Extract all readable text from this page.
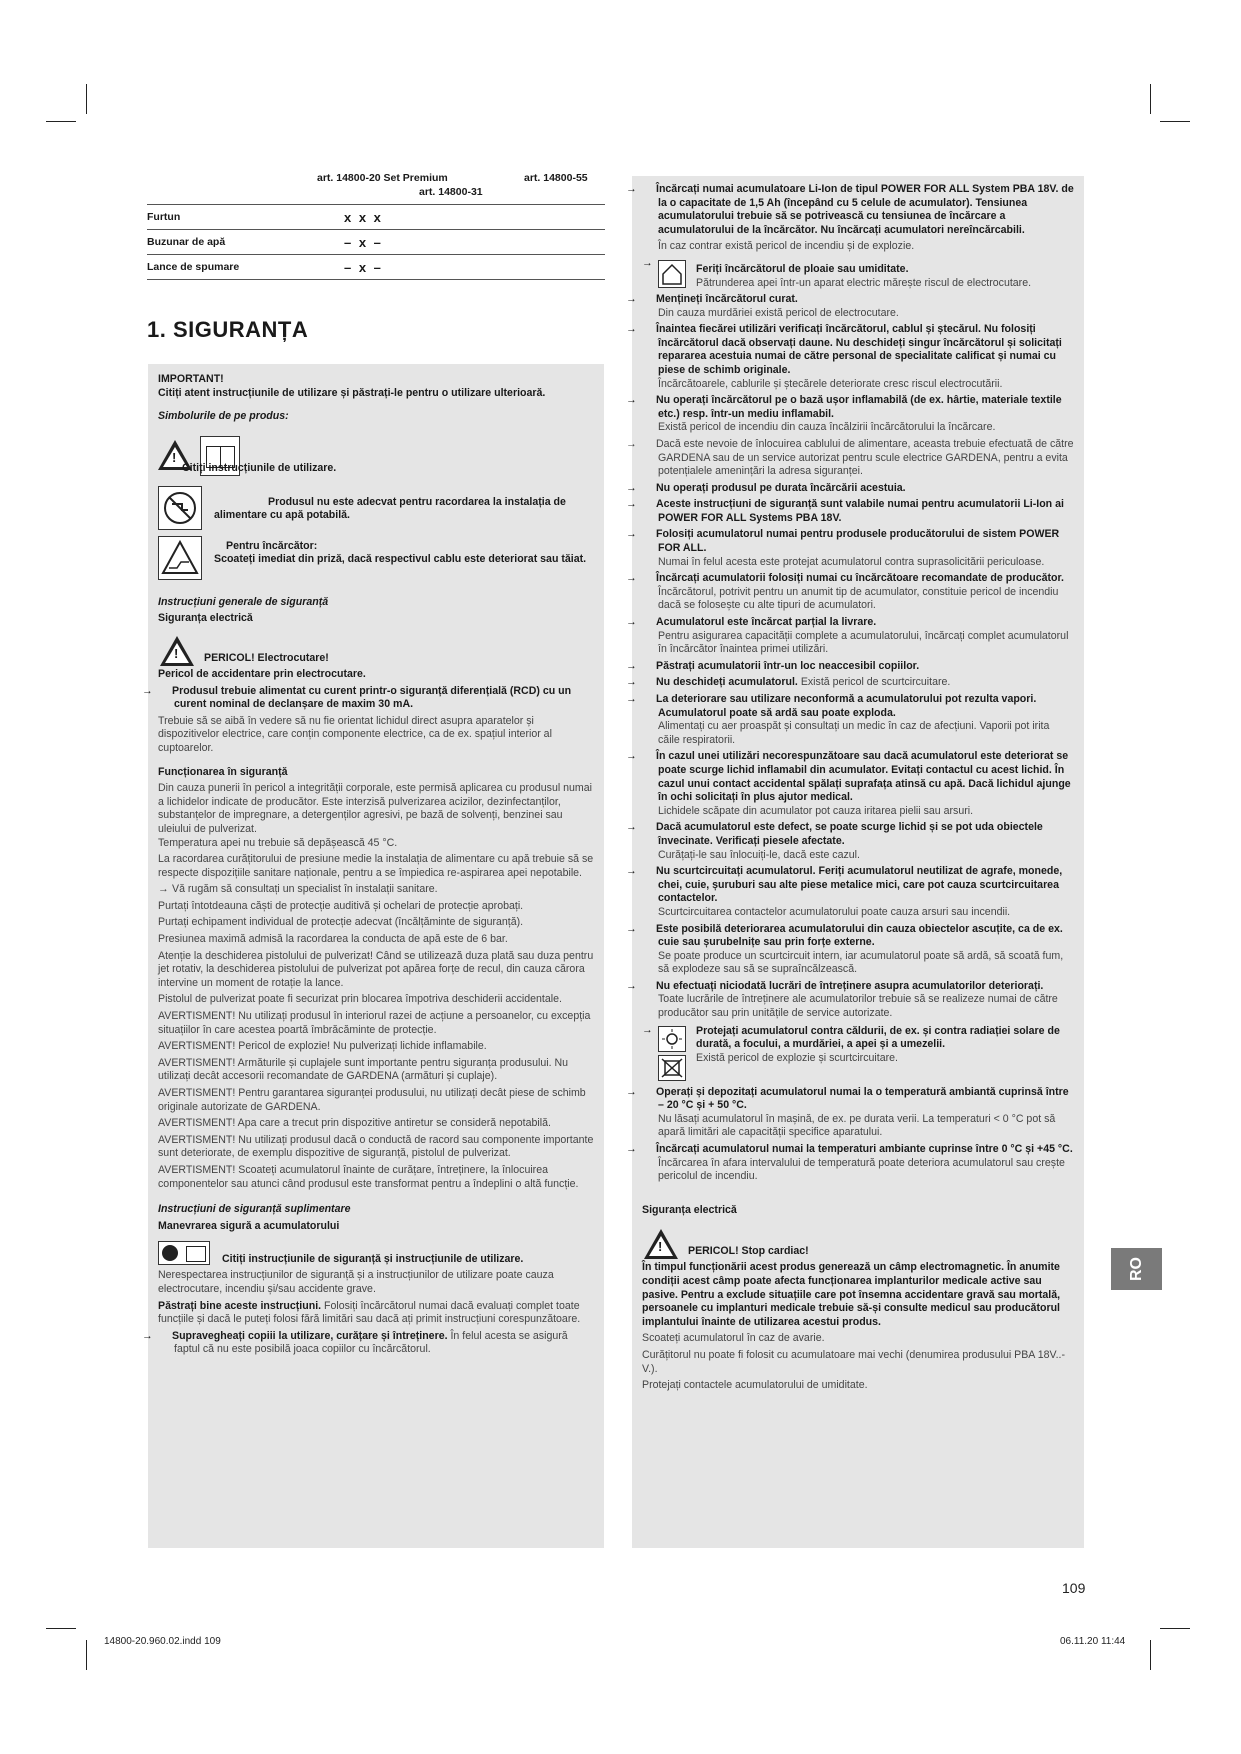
art. 14800-20 Set Premium	art. 14800-55
art. 14800-31
Furtun	x x x
Buzunar de apă	– x –
Lance de spumare	– x –
1. SIGURANȚA

IMPORTANT!

Citiți atent instrucțiunile de utilizare și păstrați-le pentru o utilizare ulterioară.

Simbolurile de pe produs:

!
Citiți instrucțiunile de utilizare.
Produsul nu este adecvat pentru racordarea la instalația de alimentare cu apă potabilă.
Pentru încărcător:
Scoateți imediat din priză, dacă respectivul cablu este deteriorat sau tăiat.

Instrucțiuni generale de siguranță

Siguranța electrică

! PERICOL! Electrocutare!

Pericol de accidentare prin electrocutare.

→ Produsul trebuie alimentat cu curent printr-o siguranță diferențială (RCD) cu un curent nominal de declanșare de maxim 30 mA.

Trebuie să se aibă în vedere să nu fie orientat lichidul direct asupra aparatelor și dispozitivelor electrice, care conțin componente electrice, ca de ex. spațiul interior al cuptoarelor.

Funcționarea în siguranță

Din cauza punerii în pericol a integrității corporale, este permisă aplicarea cu produsul numai a lichidelor indicate de producător. Este interzisă pulverizarea acizilor, dezinfectanților, substanțelor de impregnare, a detergenților agresivi, pe bază de solvenți, benzinei sau uleiului de pulverizat.

Temperatura apei nu trebuie să depășească 45 °C.

La racordarea curățitorului de presiune medie la instalația de alimentare cu apă trebuie să se respecte dispozițiile sanitare naționale, pentru a se împiedica re-aspirarea apei nepotabile.

→ Vă rugăm să consultați un specialist în instalații sanitare.

Purtați întotdeauna căști de protecție auditivă și ochelari de protecție aprobați.

Purtați echipament individual de protecție adecvat (încălțăminte de siguranță).

Presiunea maximă admisă la racordarea la conducta de apă este de 6 bar.

Atenție la deschiderea pistolului de pulverizat! Când se utilizează duza plată sau duza pentru jet rotativ, la deschiderea pistolului de pulverizat pot apărea forțe de recul, din cauza cărora intervine un moment de rotație la lance.

Pistolul de pulverizat poate fi securizat prin blocarea împotriva deschiderii accidentale.

AVERTISMENT! Nu utilizați produsul în interiorul razei de acțiune a persoanelor, cu excepția situațiilor în care acestea poartă îmbrăcăminte de protecție.

AVERTISMENT! Pericol de explozie! Nu pulverizați lichide inflamabile.

AVERTISMENT! Armăturile și cuplajele sunt importante pentru siguranța produsului. Nu utilizați decât accesorii recomandate de GARDENA (armături și cuplaje).

AVERTISMENT! Pentru garantarea siguranței produsului, nu utilizați decât piese de schimb originale autorizate de GARDENA.

AVERTISMENT! Apa care a trecut prin dispozitive antiretur se consideră nepotabilă.

AVERTISMENT! Nu utilizați produsul dacă o conductă de racord sau componente importante sunt deteriorate, de exemplu dispozitive de siguranță, pistolul de pulverizat.

AVERTISMENT! Scoateți acumulatorul înainte de curățare, întreținere, la înlocuirea componentelor sau atunci când produsul este transformat pentru a îndeplini o altă funcție.

Instrucțiuni de siguranță suplimentare

Manevrarea sigură a acumulatorului

Citiți instrucțiunile de siguranță și instrucțiunile de utilizare.

Nerespectarea instrucțiunilor de siguranță și a instrucțiunilor de utilizare poate cauza electrocutare, incendiu și/sau accidente grave.

Păstrați bine aceste instrucțiuni. Folosiți încărcătorul numai dacă evaluați complet toate funcțiile și dacă le puteți folosi fără limitări sau dacă ați primit instrucțiuni corespunzătoare.

→ Supravegheați copiii la utilizare, curățare și întreținere. În felul acesta se asigură faptul că nu este posibilă joaca copiilor cu încărcătorul.

→ Încărcați numai acumulatoare Li-Ion de tipul POWER FOR ALL System PBA 18V. de la o capacitate de 1,5 Ah (începând cu 5 celule de acumulator). Tensiunea acumulatorului trebuie să se potrivească cu tensiunea de încărcare a acumulatorului de la încărcător. Nu încărcați acumulatori nereîncărcabili.

În caz contrar există pericol de incendiu și de explozie.

→	Feriți încărcătorul de ploaie sau umiditate.
Pătrunderea apei într-un aparat electric mărește riscul de electrocutare.

→ Mențineți încărcătorul curat.

Din cauza murdăriei există pericol de electrocutare.

→ Înaintea fiecărei utilizări verificați încărcătorul, cablul și ștecărul. Nu folosiți încărcătorul dacă observați daune. Nu deschideți singur încărcătorul și solicitați repararea acestuia numai de către personal de specialitate calificat și numai cu piese de schimb originale.

Încărcătoarele, cablurile și ștecărele deteriorate cresc riscul electrocutării.

→ Nu operați încărcătorul pe o bază ușor inflamabilă (de ex. hârtie, materiale textile etc.) resp. într-un mediu inflamabil.

Există pericol de incendiu din cauza încălzirii încărcătorului la încărcare.

→ Dacă este nevoie de înlocuirea cablului de alimentare, aceasta trebuie efectuată de către GARDENA sau de un service autorizat pentru scule electrice GARDENA, pentru a evita potențialele amenințări la adresa siguranței.

→ Nu operați produsul pe durata încărcării acestuia.

→ Aceste instrucțiuni de siguranță sunt valabile numai pentru acumulatorii Li-Ion ai POWER FOR ALL Systems PBA 18V.

→ Folosiți acumulatorul numai pentru produsele producătorului de sistem POWER FOR ALL.

Numai în felul acesta este protejat acumulatorul contra suprasolicitării periculoase.

→ Încărcați acumulatorii folosiți numai cu încărcătoare recomandate de producător.

Încărcătorul, potrivit pentru un anumit tip de acumulator, constituie pericol de incendiu dacă se folosește cu alte tipuri de acumulatori.

→ Acumulatorul este încărcat parțial la livrare.

Pentru asigurarea capacității complete a acumulatorului, încărcați complet acumulatorul în încărcător înaintea primei utilizări.

→ Păstrați acumulatorii într-un loc neaccesibil copiilor.

→ Nu deschideți acumulatorul. Există pericol de scurtcircuitare.

→ La deteriorare sau utilizare neconformă a acumulatorului pot rezulta vapori. Acumulatorul poate să ardă sau poate exploda.

Alimentați cu aer proaspăt și consultați un medic în caz de afecțiuni. Vaporii pot irita căile respiratorii.

→ În cazul unei utilizări necorespunzătoare sau dacă acumulatorul este deteriorat se poate scurge lichid inflamabil din acumulator. Evitați contactul cu acest lichid. În cazul unui contact accidental spălați suprafața atinsă cu apă. Dacă lichidul ajunge în ochi solicitați în plus ajutor medical.

Lichidele scăpate din acumulator pot cauza iritarea pielii sau arsuri.

→ Dacă acumulatorul este defect, se poate scurge lichid și se pot uda obiectele învecinate. Verificați piesele afectate.

Curățați-le sau înlocuiți-le, dacă este cazul.

→ Nu scurtcircuitați acumulatorul. Feriți acumulatorul neutilizat de agrafe, monede, chei, cuie, șuruburi sau alte piese metalice mici, care pot cauza scurtcircuitarea contactelor.

Scurtcircuitarea contactelor acumulatorului poate cauza arsuri sau incendii.

→ Este posibilă deteriorarea acumulatorului din cauza obiectelor ascuțite, ca de ex. cuie sau șurubelnițe sau prin forțe externe.

Se poate produce un scurtcircuit intern, iar acumulatorul poate să ardă, să scoată fum, să explodeze sau să se supraîncălzească.

→ Nu efectuați niciodată lucrări de întreținere asupra acumulatorilor deteriorați.

Toate lucrările de întreținere ale acumulatorilor trebuie să se realizeze numai de către producător sau prin unitățile de service autorizate.

→	Protejați acumulatorul contra căldurii, de ex. și contra radiației solare de durată, a focului, a murdăriei, a apei și a umezelii.
Există pericol de explozie și scurtcircuitare.

→ Operați și depozitați acumulatorul numai la o temperatură ambiantă cuprinsă între – 20 °C și + 50 °C.

Nu lăsați acumulatorul în mașină, de ex. pe durata verii. La temperaturi < 0 °C pot să apară limitări ale capacității specifice aparatului.

→ Încărcați acumulatorul numai la temperaturi ambiante cuprinse între 0 °C și +45 °C.

Încărcarea în afara intervalului de temperatură poate deteriora acumulatorul sau crește pericolul de incendiu.

Siguranța electrică

! PERICOL! Stop cardiac!

În timpul funcționării acest produs generează un câmp electromagnetic. În anumite condiții acest câmp poate afecta funcționarea implanturilor medicale active sau pasive. Pentru a exclude situațiile care pot însemna accidentare gravă sau mortală, persoanele cu implanturi medicale trebuie să-și consulte medicul sau producătorul implantului înainte de utilizarea acestui produs.

Scoateți acumulatorul în caz de avarie.

Curățitorul nu poate fi folosit cu acumulatoare mai vechi (denumirea produsului PBA 18V..-V.).

Protejați contactele acumulatorului de umiditate.

RO
109
14800-20.960.02.indd 109	06.11.20 11:44
